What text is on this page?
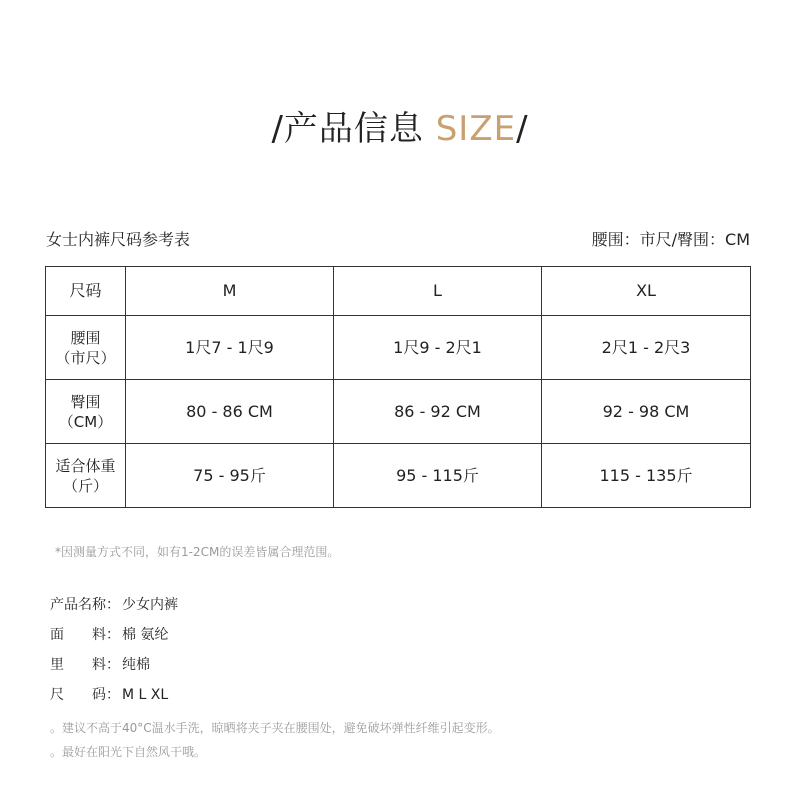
/产品信息 SIZE/
女士内裤尺码参考表	腰围：市尺/臀围：CM
尺码	M	L	XL

腰围
（市尺）	1尺7 - 1尺9	1尺9 - 2尺1	2尺1 - 2尺3

臀围
（CM）	80 - 86 CM	86 - 92 CM	92 - 98 CM

适合体重
（斤）	75 - 95斤	95 - 115斤	115 - 135斤
*因测量方式不同，如有1-2CM的误差皆属合理范围。
产品名称： 少女内裤
面　　料： 棉 氨纶
里　　料： 纯棉
尺　　码： M L XL
。建议不高于40°C温水手洗，晾晒将夹子夹在腰围处，避免破坏弹性纤维引起变形。
。最好在阳光下自然风干哦。
